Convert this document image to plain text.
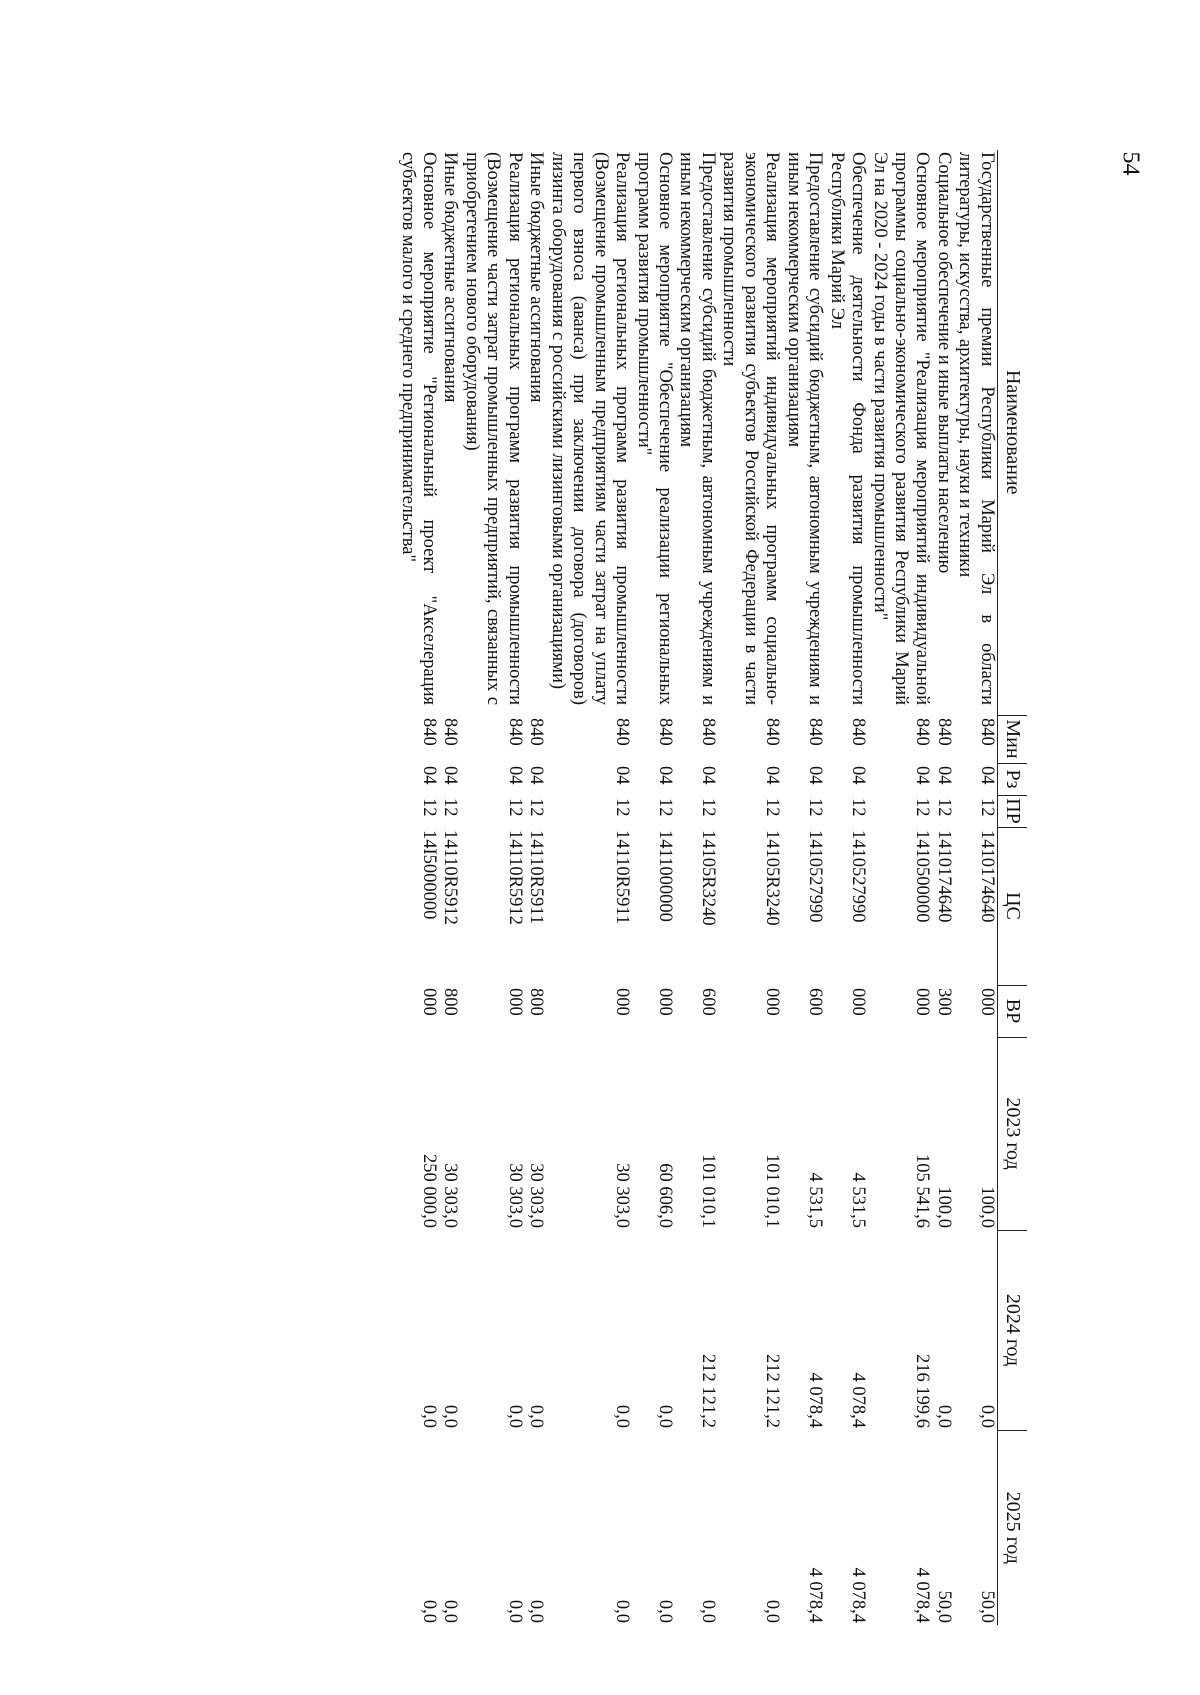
54
Наименование	Мин	Рз	ПР	ЦС	ВР	2023 год	2024 год	2025 год
Государственные премии Республики Марий Эл в области литературы, искусства, архитектуры, науки и техники	840	04	12	1410174640	000	100,0	0,0	50,0
Социальное обеспечение и иные выплаты населению	840	04	12	1410174640	300	100,0	0,0	50,0
Основное мероприятие "Реализация мероприятий индивидуальной программы социально-экономического развития Республики Марий Эл на 2020 - 2024 годы в части развития промышленности"	840	04	12	1410500000	000	105 541,6	216 199,6	4 078,4
Обеспечение деятельности Фонда развития промышленности Республики Марий Эл	840	04	12	1410527990	000	4 531,5	4 078,4	4 078,4
Предоставление субсидий бюджетным, автономным учреждениям и иным некоммерческим организациям	840	04	12	1410527990	600	4 531,5	4 078,4	4 078,4
Реализация мероприятий индивидуальных программ социально-экономического развития субъектов Российской Федерации в части развития промышленности	840	04	12	14105R3240	000	101 010,1	212 121,2	0,0
Предоставление субсидий бюджетным, автономным учреждениям и иным некоммерческим организациям	840	04	12	14105R3240	600	101 010,1	212 121,2	0,0
Основное мероприятие "Обеспечение реализации региональных программ развития промышленности"	840	04	12	1411000000	000	60 606,0	0,0	0,0
Реализация региональных программ развития промышленности (Возмещение промышленным предприятиям части затрат на уплату первого взноса (аванса) при заключении договора (договоров) лизинга оборудования с российскими лизинговыми организациями)	840	04	12	14110R5911	000	30 303,0	0,0	0,0
Иные бюджетные ассигнования	840	04	12	14110R5911	800	30 303,0	0,0	0,0
Реализация региональных программ развития промышленности (Возмещение части затрат промышленных предприятий, связанных с приобретением нового оборудования)	840	04	12	14110R5912	000	30 303,0	0,0	0,0
Иные бюджетные ассигнования	840	04	12	14110R5912	800	30 303,0	0,0	0,0
Основное мероприятие "Региональный проект "Акселерация субъектов малого и среднего предпринимательства"	840	04	12	14I5000000	000	250 000,0	0,0	0,0
